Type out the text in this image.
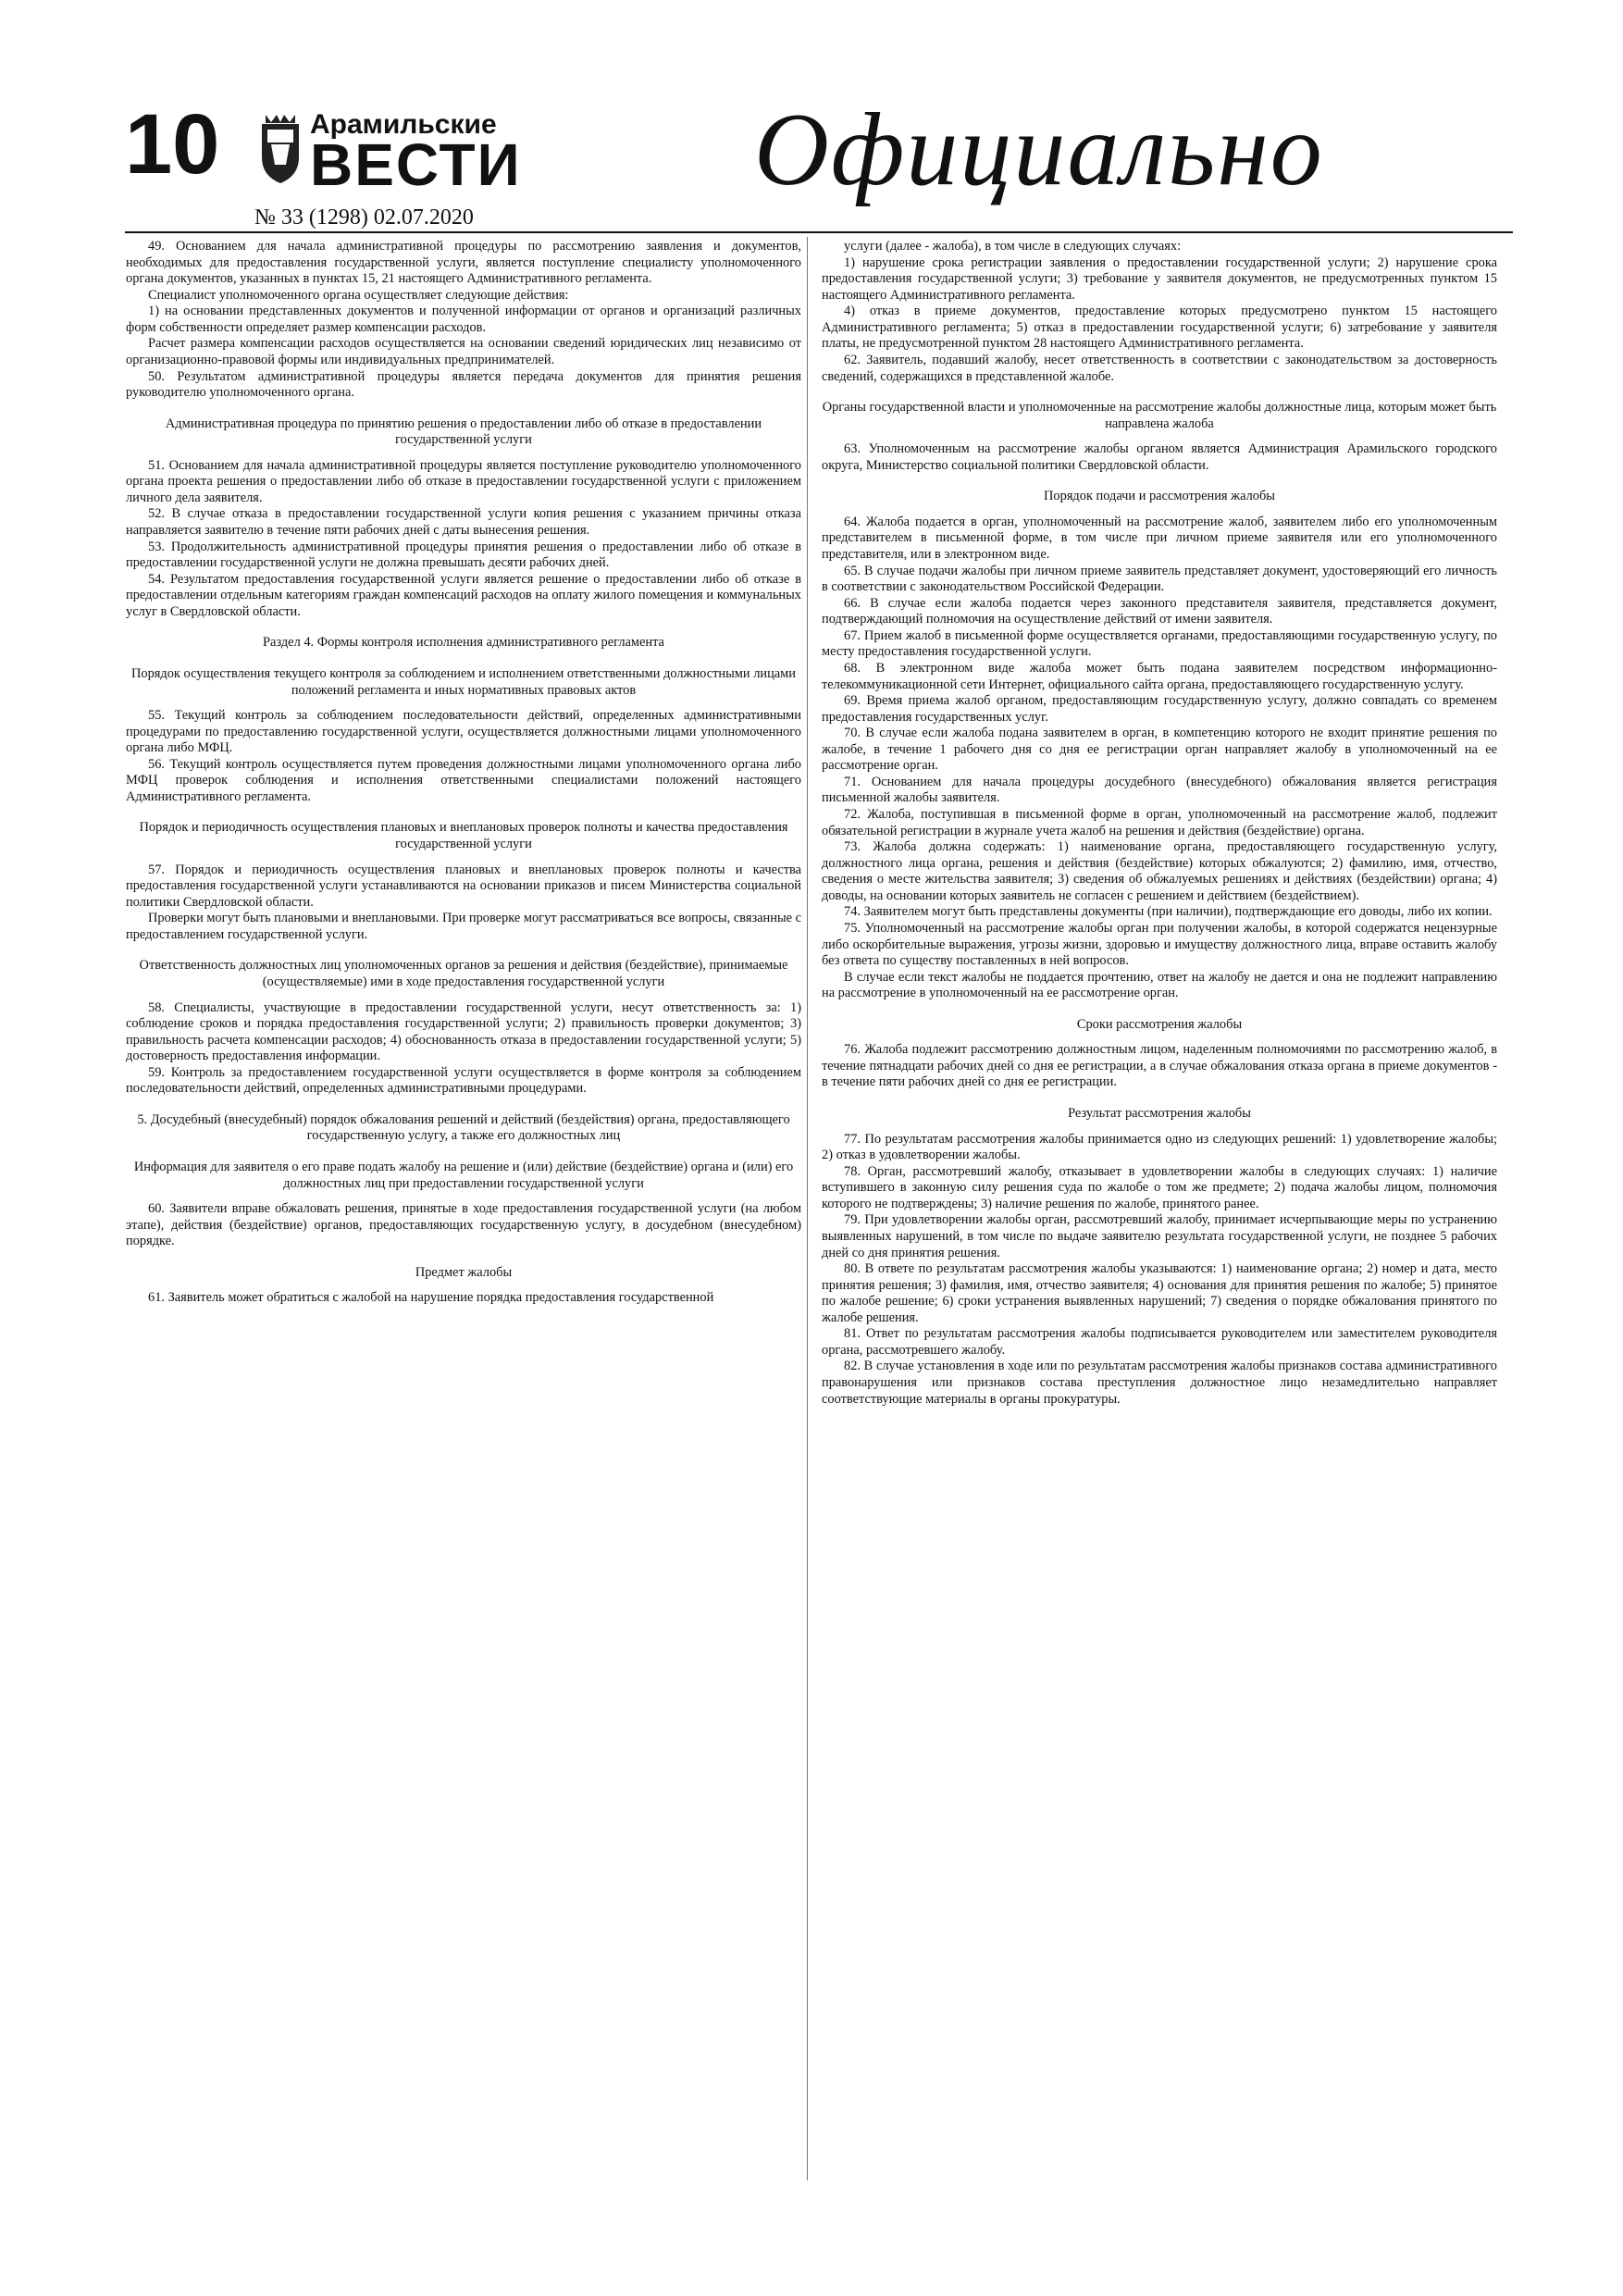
10	Арамильские
ВЕСТИ
№ 33 (1298) 02.07.2020
Официально

49. Основанием для начала административной процедуры по рассмотрению заявления и документов, необходимых для предоставления государственной услуги, является поступление специалисту уполномоченного органа документов, указанных в пунктах 15, 21 настоящего Административного регламента.

Специалист уполномоченного органа осуществляет следующие действия:

1) на основании представленных документов и полученной информации от органов и организаций различных форм собственности определяет размер компенсации расходов.

Расчет размера компенсации расходов осуществляется на основании сведений юридических лиц независимо от организационно-правовой формы или индивидуальных предпринимателей.

50. Результатом административной процедуры является передача документов для принятия решения руководителю уполномоченного органа.

Административная процедура по принятию решения о предоставлении либо об отказе в предоставлении государственной услуги

51. Основанием для начала административной процедуры является поступление руководителю уполномоченного органа проекта решения о предоставлении либо об отказе в предоставлении государственной услуги с приложением личного дела заявителя.

52. В случае отказа в предоставлении государственной услуги копия решения с указанием причины отказа направляется заявителю в течение пяти рабочих дней с даты вынесения решения.

53. Продолжительность административной процедуры принятия решения о предоставлении либо об отказе в предоставлении государственной услуги не должна превышать десяти рабочих дней.

54. Результатом предоставления государственной услуги является решение о предоставлении либо об отказе в предоставлении отдельным категориям граждан компенсаций расходов на оплату жилого помещения и коммунальных услуг в Свердловской области.

Раздел 4. Формы контроля исполнения административного регламента

Порядок осуществления текущего контроля за соблюдением и исполнением ответственными должностными лицами положений регламента и иных нормативных правовых актов

55. Текущий контроль за соблюдением последовательности действий, определенных административными процедурами по предоставлению государственной услуги, осуществляется должностными лицами уполномоченного органа либо МФЦ.

56. Текущий контроль осуществляется путем проведения должностными лицами уполномоченного органа либо МФЦ проверок соблюдения и исполнения ответственными специалистами положений настоящего Административного регламента.

Порядок и периодичность осуществления плановых и внеплановых проверок полноты и качества предоставления государственной услуги

57. Порядок и периодичность осуществления плановых и внеплановых проверок полноты и качества предоставления государственной услуги устанавливаются на основании приказов и писем Министерства социальной политики Свердловской области.

Проверки могут быть плановыми и внеплановыми. При проверке могут рассматриваться все вопросы, связанные с предоставлением государственной услуги.

Ответственность должностных лиц уполномоченных органов за решения и действия (бездействие), принимаемые (осуществляемые) ими в ходе предоставления государственной услуги

58. Специалисты, участвующие в предоставлении государственной услуги, несут ответственность за: 1) соблюдение сроков и порядка предоставления государственной услуги; 2) правильность проверки документов; 3) правильность расчета компенсации расходов; 4) обоснованность отказа в предоставлении государственной услуги; 5) достоверность предоставления информации.

59. Контроль за предоставлением государственной услуги осуществляется в форме контроля за соблюдением последовательности действий, определенных административными процедурами.

5. Досудебный (внесудебный) порядок обжалования решений и действий (бездействия) органа, предоставляющего государственную услугу, а также его должностных лиц

Информация для заявителя о его праве подать жалобу на решение и (или) действие (бездействие) органа и (или) его должностных лиц при предоставлении государственной услуги

60. Заявители вправе обжаловать решения, принятые в ходе предоставления государственной услуги (на любом этапе), действия (бездействие) органов, предоставляющих государственную услугу, в досудебном (внесудебном) порядке.

Предмет жалобы

61. Заявитель может обратиться с жалобой на нарушение порядка предоставления государственной

услуги (далее - жалоба), в том числе в следующих случаях:

1) нарушение срока регистрации заявления о предоставлении государственной услуги; 2) нарушение срока предоставления государственной услуги; 3) требование у заявителя документов, не предусмотренных пунктом 15 настоящего Административного регламента.

4) отказ в приеме документов, предоставление которых предусмотрено пунктом 15 настоящего Административного регламента; 5) отказ в предоставлении государственной услуги; 6) затребование у заявителя платы, не предусмотренной пунктом 28 настоящего Административного регламента.

62. Заявитель, подавший жалобу, несет ответственность в соответствии с законодательством за достоверность сведений, содержащихся в представленной жалобе.

Органы государственной власти и уполномоченные на рассмотрение жалобы должностные лица, которым может быть направлена жалоба

63. Уполномоченным на рассмотрение жалобы органом является Администрация Арамильского городского округа, Министерство социальной политики Свердловской области.

Порядок подачи и рассмотрения жалобы

64. Жалоба подается в орган, уполномоченный на рассмотрение жалоб, заявителем либо его уполномоченным представителем в письменной форме, в том числе при личном приеме заявителя или его уполномоченного представителя, или в электронном виде.

65. В случае подачи жалобы при личном приеме заявитель представляет документ, удостоверяющий его личность в соответствии с законодательством Российской Федерации.

66. В случае если жалоба подается через законного представителя заявителя, представляется документ, подтверждающий полномочия на осуществление действий от имени заявителя.

67. Прием жалоб в письменной форме осуществляется органами, предоставляющими государственную услугу, по месту предоставления государственной услуги.

68. В электронном виде жалоба может быть подана заявителем посредством информационно-телекоммуникационной сети Интернет, официального сайта органа, предоставляющего государственную услугу.

69. Время приема жалоб органом, предоставляющим государственную услугу, должно совпадать со временем предоставления государственных услуг.

70. В случае если жалоба подана заявителем в орган, в компетенцию которого не входит принятие решения по жалобе, в течение 1 рабочего дня со дня ее регистрации орган направляет жалобу в уполномоченный на ее рассмотрение орган.

71. Основанием для начала процедуры досудебного (внесудебного) обжалования является регистрация письменной жалобы заявителя.

72. Жалоба, поступившая в письменной форме в орган, уполномоченный на рассмотрение жалоб, подлежит обязательной регистрации в журнале учета жалоб на решения и действия (бездействие) органа.

73. Жалоба должна содержать: 1) наименование органа, предоставляющего государственную услугу, должностного лица органа, решения и действия (бездействие) которых обжалуются; 2) фамилию, имя, отчество, сведения о месте жительства заявителя; 3) сведения об обжалуемых решениях и действиях (бездействии) органа; 4) доводы, на основании которых заявитель не согласен с решением и действием (бездействием).

74. Заявителем могут быть представлены документы (при наличии), подтверждающие его доводы, либо их копии.

75. Уполномоченный на рассмотрение жалобы орган при получении жалобы, в которой содержатся нецензурные либо оскорбительные выражения, угрозы жизни, здоровью и имуществу должностного лица, вправе оставить жалобу без ответа по существу поставленных в ней вопросов.

В случае если текст жалобы не поддается прочтению, ответ на жалобу не дается и она не подлежит направлению на рассмотрение в уполномоченный на ее рассмотрение орган.

Сроки рассмотрения жалобы

76. Жалоба подлежит рассмотрению должностным лицом, наделенным полномочиями по рассмотрению жалоб, в течение пятнадцати рабочих дней со дня ее регистрации, а в случае обжалования отказа органа в приеме документов - в течение пяти рабочих дней со дня ее регистрации.

Результат рассмотрения жалобы

77. По результатам рассмотрения жалобы принимается одно из следующих решений: 1) удовлетворение жалобы; 2) отказ в удовлетворении жалобы.

78. Орган, рассмотревший жалобу, отказывает в удовлетворении жалобы в следующих случаях: 1) наличие вступившего в законную силу решения суда по жалобе о том же предмете; 2) подача жалобы лицом, полномочия которого не подтверждены; 3) наличие решения по жалобе, принятого ранее.

79. При удовлетворении жалобы орган, рассмотревший жалобу, принимает исчерпывающие меры по устранению выявленных нарушений, в том числе по выдаче заявителю результата государственной услуги, не позднее 5 рабочих дней со дня принятия решения.

80. В ответе по результатам рассмотрения жалобы указываются: 1) наименование органа; 2) номер и дата, место принятия решения; 3) фамилия, имя, отчество заявителя; 4) основания для принятия решения по жалобе; 5) принятое по жалобе решение; 6) сроки устранения выявленных нарушений; 7) сведения о порядке обжалования принятого по жалобе решения.

81. Ответ по результатам рассмотрения жалобы подписывается руководителем или заместителем руководителя органа, рассмотревшего жалобу.

82. В случае установления в ходе или по результатам рассмотрения жалобы признаков состава административного правонарушения или признаков состава преступления должностное лицо незамедлительно направляет соответствующие материалы в органы прокуратуры.
